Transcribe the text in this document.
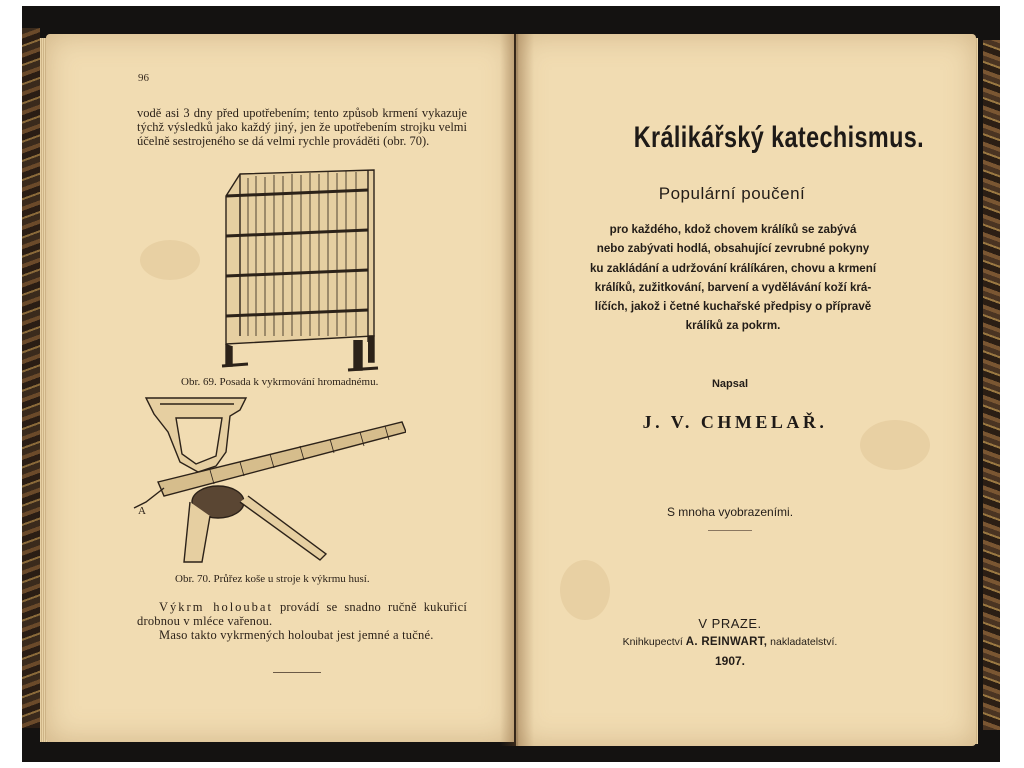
96
vodě asi 3 dny před upotřebením; tento způsob krmení vykazuje týchž výsledků jako každý jiný, jen že upotřebením strojku velmi účelně sestrojeného se dá velmi rychle prováděti (obr. 70).
Obr. 69. Posada k vykrmování hromadnému.
A
Obr. 70. Průřez koše u stroje k výkrmu husí.
Výkrm holoubat provádí se snadno ručně kukuřicí drobnou v mléce vařenou.
Maso takto vykrmených holoubat jest jemné a tučné.
Králikářský katechismus.
Populární poučení
pro každého, kdož chovem králíků se zabývá
nebo zabývati hodlá, obsahující zevrubné pokyny
ku zakládání a udržování králíkáren, chovu a krmení
králíků, zužitkování, barvení a vydělávání koží krá-
líčích, jakož i četné kuchařské předpisy o přípravě
králíků za pokrm.
Napsal
J. V. CHMELAŘ.
S mnoha vyobrazeními.
V PRAZE.
Knihkupectví A. REINWART, nakladatelství.
1907.
